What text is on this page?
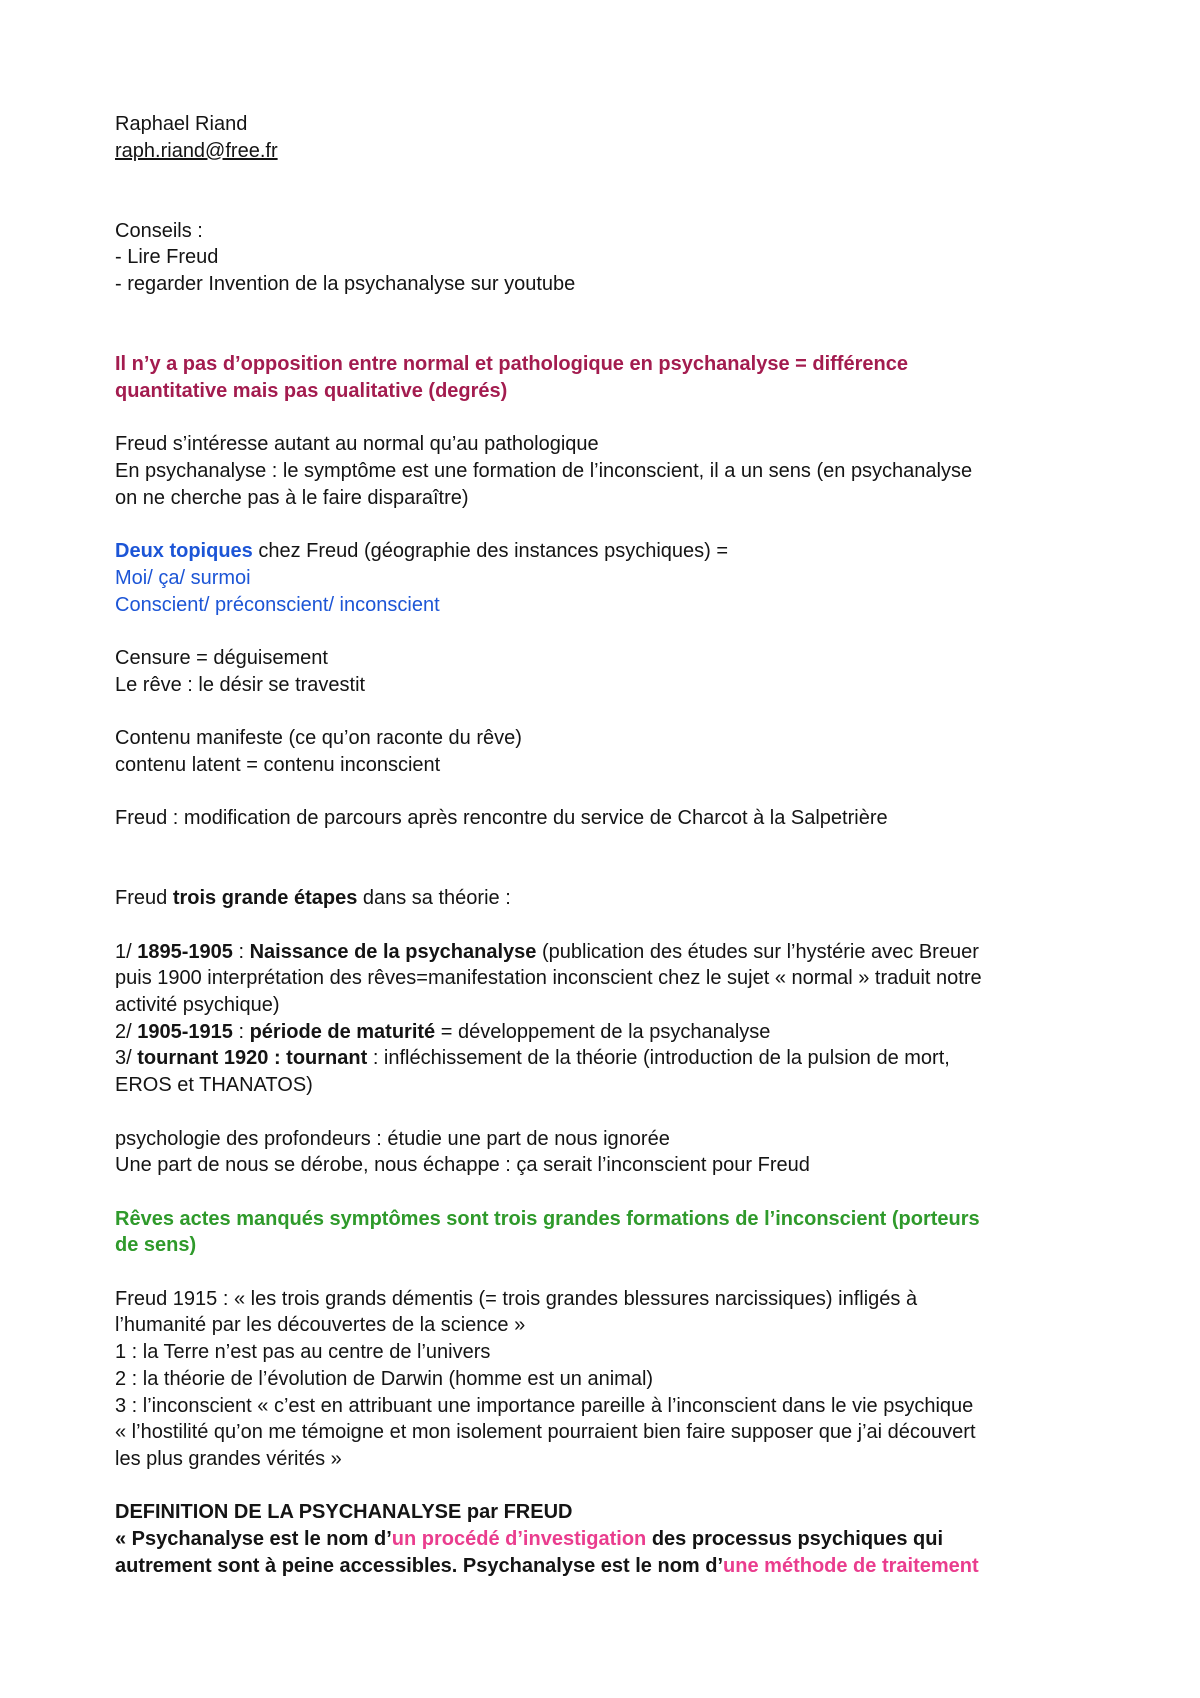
Raphael Riand
raph.riand@free.fr
Conseils :
- Lire Freud
- regarder Invention de la psychanalyse sur youtube
Il n’y a pas d’opposition entre normal et pathologique en psychanalyse = différence
quantitative mais pas qualitative (degrés)
Freud s’intéresse autant au normal qu’au pathologique
En psychanalyse : le symptôme est une formation de l’inconscient, il a un sens (en psychanalyse
on ne cherche pas à le faire disparaître)
Deux topiques chez Freud (géographie des instances psychiques) =
Moi/ ça/ surmoi
Conscient/ préconscient/ inconscient
Censure = déguisement
Le rêve : le désir se travestit
Contenu manifeste (ce qu’on raconte du rêve)
contenu latent = contenu inconscient
Freud : modification de parcours après rencontre du service de Charcot à la Salpetrière
Freud trois grande étapes dans sa théorie :
1/ 1895-1905 : Naissance de la psychanalyse (publication des études sur l’hystérie avec Breuer
puis 1900 interprétation des rêves=manifestation inconscient chez le sujet « normal » traduit notre
activité psychique)
2/ 1905-1915 : période de maturité = développement de la psychanalyse
3/ tournant 1920 : tournant : infléchissement de la théorie (introduction de la pulsion de mort,
EROS et THANATOS)
psychologie des profondeurs : étudie une part de nous ignorée
Une part de nous se dérobe, nous échappe : ça serait l’inconscient pour Freud
Rêves actes manqués symptômes sont trois grandes formations de l’inconscient (porteurs
de sens)
Freud 1915 : « les trois grands démentis (= trois grandes blessures narcissiques) infligés à
l’humanité par les découvertes de la science »
1 : la Terre n’est pas au centre de l’univers
2 : la théorie de l’évolution de Darwin (homme est un animal)
3 : l’inconscient « c’est en attribuant une importance pareille à l’inconscient dans le vie psychique
« l’hostilité qu’on me témoigne et mon isolement pourraient bien faire supposer que j’ai découvert
les plus grandes vérités »
DEFINITION DE LA PSYCHANALYSE par FREUD
« Psychanalyse est le nom d’un procédé d’investigation des processus psychiques qui
autrement sont à peine accessibles. Psychanalyse est le nom d’une méthode de traitement
